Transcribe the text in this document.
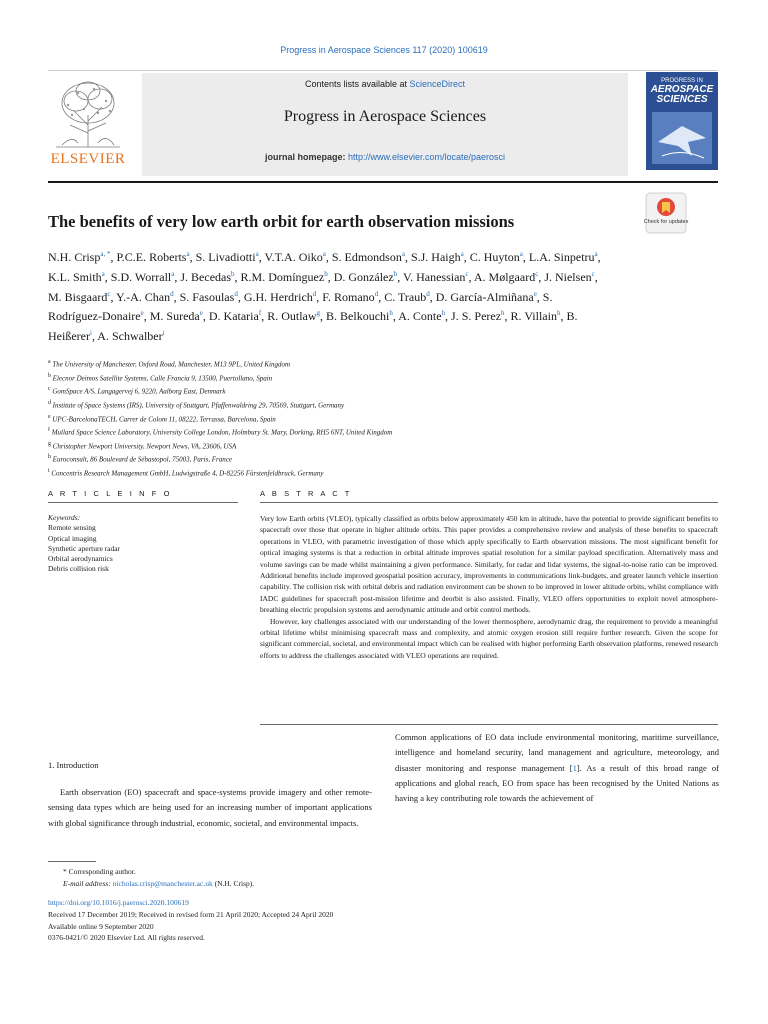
Progress in Aerospace Sciences 117 (2020) 100619
ELSEVIER
Contents lists available at ScienceDirect
Progress in Aerospace Sciences
journal homepage: http://www.elsevier.com/locate/paerosci
PROGRESS IN
AEROSPACE SCIENCES
The benefits of very low earth orbit for earth observation missions	Check for updates
N.H. Crisp$^{a, *}$, P.C.E. Roberts$^a$, S. Livadiotti$^a$, V.T.A. Oiko$^a$, S. Edmondson$^a$, S.J. Haigh$^a$, C. Huyton$^a$, L.A. Sinpetru$^a$, K.L. Smith$^a$, S.D. Worrall$^a$, J. Becedas$^b$, R.M. Domínguez$^b$, D. González$^b$, V. Hanessian$^c$, A. Mølgaard$^c$, J. Nielsen$^c$, M. Bisgaard$^c$, Y.-A. Chan$^d$, S. Fasoulas$^d$, G.H. Herdrich$^d$, F. Romano$^d$, C. Traub$^d$, D. García-Almiñana$^e$, S. Rodríguez-Donaire$^e$, M. Sureda$^e$, D. Kataria$^f$, R. Outlaw$^g$, B. Belkouchi$^h$, A. Conte$^h$, J. S. Perez$^h$, R. Villain$^h$, B. Heißerer$^i$, A. Schwalber$^i$
$^a$ The University of Manchester, Oxford Road, Manchester, M13 9PL, United Kingdom
$^b$ Elecnor Deimos Satellite Systems, Calle Francia 9, 13500, Puertollano, Spain
$^c$ GomSpace A/S, Langagervej 6, 9220, Aalborg East, Denmark
$^d$ Institute of Space Systems (IRS), University of Stuttgart, Pfaffenwaldring 29, 70569, Stuttgart, Germany
$^e$ UPC-BarcelonaTECH, Carrer de Colom 11, 08222, Terrassa, Barcelona, Spain
$^f$ Mullard Space Science Laboratory, University College London, Holmbury St. Mary, Dorking, RH5 6NT, United Kingdom
$^g$ Christopher Newport University, Newport News, VA, 23606, USA
$^h$ Euroconsult, 86 Boulevard de Sébastopol, 75003, Paris, France
$^i$ Concentris Research Management GmbH, Ludwigstraße 4, D-82256 Fürstenfeldbruck, Germany
A R T I C L E I N F O	A B S T R A C T
Keywords:
Remote sensing
Optical imaging
Synthetic aperture radar
Orbital aerodynamics
Debris collision risk

Very low Earth orbits (VLEO), typically classified as orbits below approximately 450 km in altitude, have the potential to provide significant benefits to spacecraft over those that operate in higher altitude orbits. This paper provides a comprehensive review and analysis of these benefits to spacecraft operations in VLEO, with parametric investigation of those which apply specifically to Earth observation missions. The most significant benefit for optical imaging systems is that a reduction in orbital altitude improves spatial resolution for a similar payload specification. Alternatively mass and volume savings can be made whilst maintaining a given performance. Similarly, for radar and lidar systems, the signal-to-noise ratio can be improved. Additional benefits include improved geospatial position accuracy, improvements in communications link-budgets, and greater launch vehicle insertion capability. The collision risk with orbital debris and radiation environment can be shown to be improved in lower altitude orbits, whilst compliance with IADC guidelines for spacecraft post-mission lifetime and deorbit is also assisted. Finally, VLEO offers opportunities to exploit novel atmosphere-breathing electric propulsion systems and aerodynamic attitude and orbit control methods.

However, key challenges associated with our understanding of the lower thermosphere, aerodynamic drag, the requirement to provide a meaningful orbital lifetime whilst minimising spacecraft mass and complexity, and atomic oxygen erosion still require further research. Given the scope for significant commercial, societal, and environmental impact which can be realised with higher performing Earth observation platforms, renewed research efforts to address the challenges associated with VLEO operations are required.

1. Introduction

Earth observation (EO) spacecraft and space-systems provide imagery and other remote-sensing data types which are being used for an increasing number of important applications with global significance through industrial, economic, societal, and environmental impacts.

Common applications of EO data include environmental monitoring, maritime surveillance, intelligence and homeland security, land management and agriculture, meteorology, and disaster monitoring and response management [1]. As a result of this broad range of applications and global reach, EO from space has been recognised by the United Nations as having a key contributing role towards the achievement of

* Corresponding author.
E-mail address: nicholas.crisp@manchester.ac.uk (N.H. Crisp).
https://doi.org/10.1016/j.paerosci.2020.100619
Received 17 December 2019; Received in revised form 21 April 2020; Accepted 24 April 2020
Available online 9 September 2020
0376-0421/© 2020 Elsevier Ltd. All rights reserved.
